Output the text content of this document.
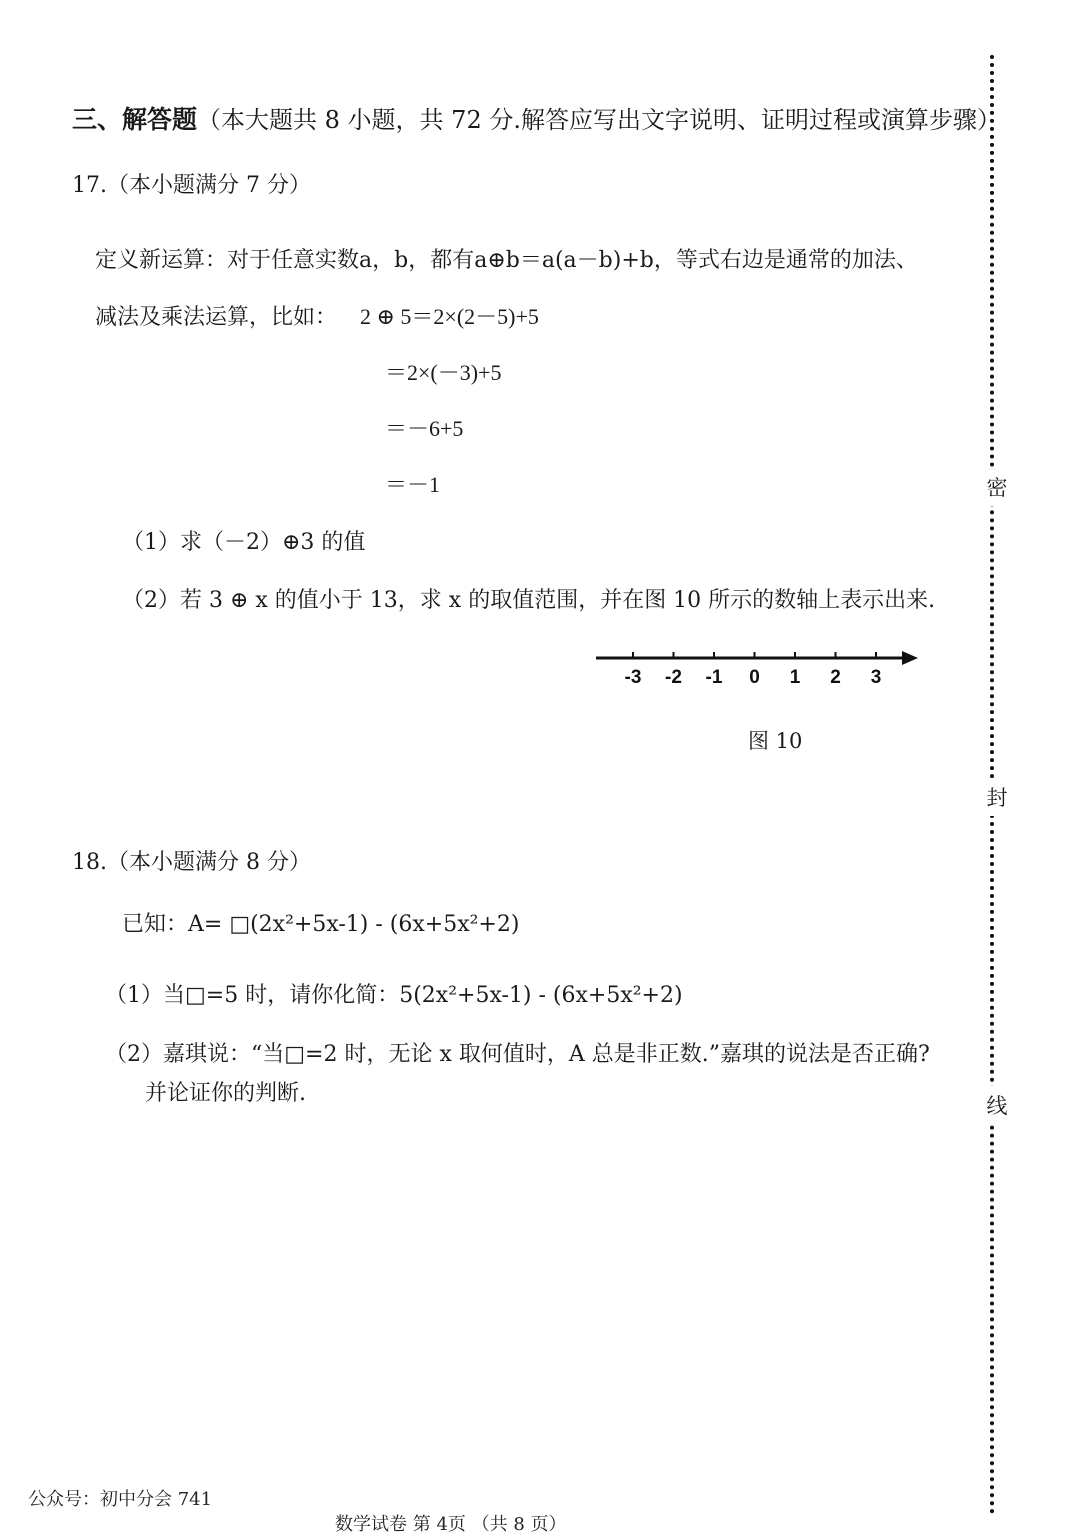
三、解答题（本大题共 8 小题，共 72 分.解答应写出文字说明、证明过程或演算步骤）
17.（本小题满分 7 分）
定义新运算：对于任意实数a，b，都有a⊕b＝a(a－b)+b，等式右边是通常的加法、
减法及乘法运算，比如： 2 ⊕ 5＝2×(2－5)+5
＝2×(－3)+5
＝－6+5
＝－1
（1）求（－2）⊕3 的值
（2）若 3 ⊕ x 的值小于 13，求 x 的取值范围，并在图 10 所示的数轴上表示出来.
-3 -2 -1 0 1 2 3
图 10
18.（本小题满分 8 分）
已知：A= □(2x²+5x-1) - (6x+5x²+2)
（1）当□=5 时，请你化简：5(2x²+5x-1) - (6x+5x²+2)
（2）嘉琪说：“当□=2 时，无论 x 取何值时，A 总是非正数.”嘉琪的说法是否正确?
并论证你的判断.
密
封
线
公众号：初中分会 741
数学试卷 第 4页 （共 8 页）
